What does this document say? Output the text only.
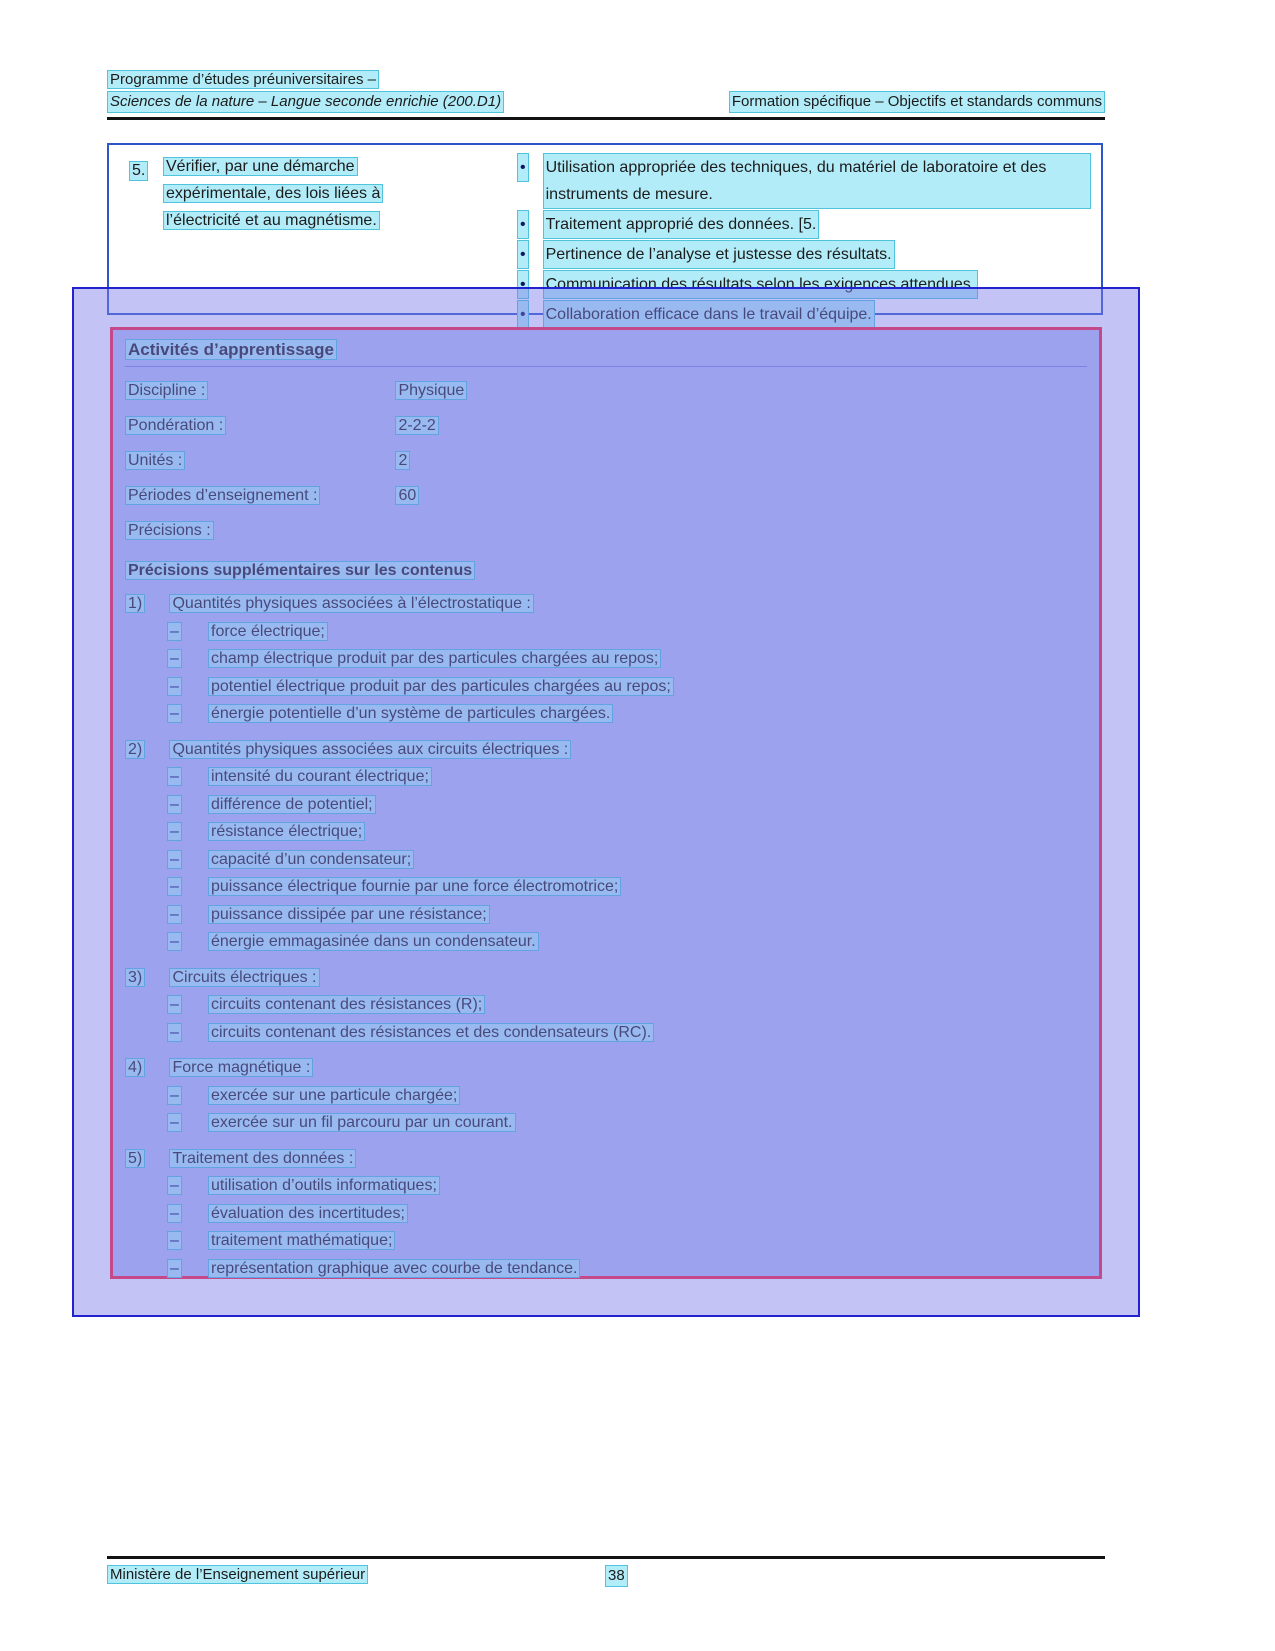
Programme d’études préuniversitaires –
Sciences de la nature – Langue seconde enrichie (200.D1)	Formation spécifique – Objectifs et standards communs
5. Vérifier, par une démarche expérimentale, des lois liées à l’électricité et au magnétisme.
• Utilisation appropriée des techniques, du matériel de laboratoire et des instruments de mesure.
• Traitement approprié des données. [5.
• Pertinence de l’analyse et justesse des résultats.
• Communication des résultats selon les exigences attendues.
• Collaboration efficace dans le travail d’équipe.
Activités d’apprentissage
Discipline :	Physique
Pondération :	2-2-2
Unités :	2
Périodes d’enseignement :	60
Précisions :
Précisions supplémentaires sur les contenus
1) Quantités physiques associées à l’électrostatique :
– force électrique;
– champ électrique produit par des particules chargées au repos;
– potentiel électrique produit par des particules chargées au repos;
– énergie potentielle d’un système de particules chargées.
2) Quantités physiques associées aux circuits électriques :
– intensité du courant électrique;
– différence de potentiel;
– résistance électrique;
– capacité d’un condensateur;
– puissance électrique fournie par une force électromotrice;
– puissance dissipée par une résistance;
– énergie emmagasinée dans un condensateur.
3) Circuits électriques :
– circuits contenant des résistances (R);
– circuits contenant des résistances et des condensateurs (RC).
4) Force magnétique :
– exercée sur une particule chargée;
– exercée sur un fil parcouru par un courant.
5) Traitement des données :
– utilisation d’outils informatiques;
– évaluation des incertitudes;
– traitement mathématique;
– représentation graphique avec courbe de tendance.
Ministère de l’Enseignement supérieur	38
